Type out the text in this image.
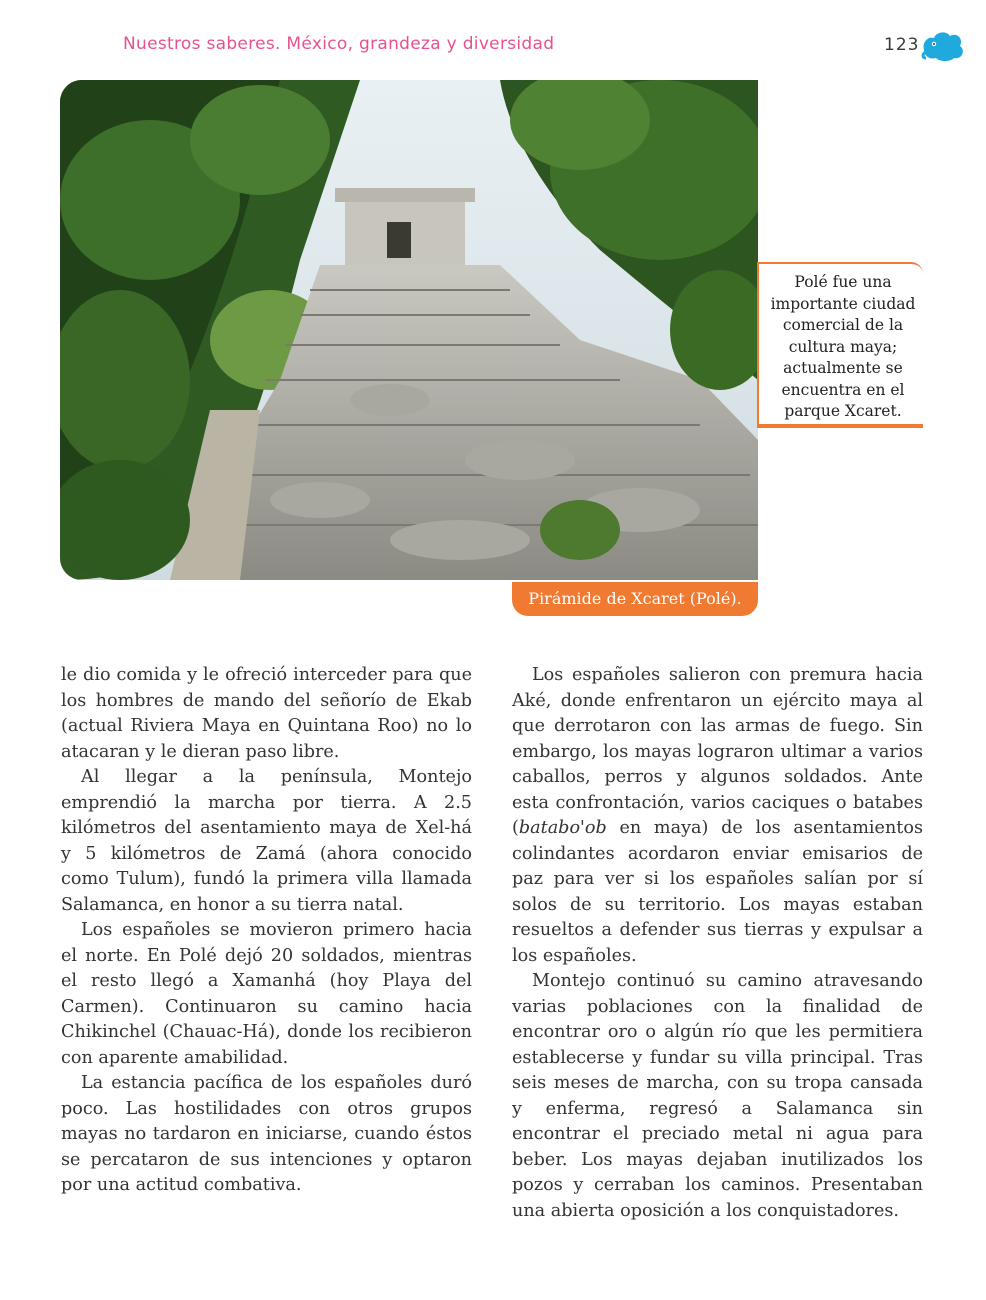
Nuestros saberes. México, grandeza y diversidad	123
Polé fue una importante ciudad comercial de la cultura maya; actualmente se encuentra en el parque Xcaret.
Pirámide de Xcaret (Polé).

le dio comida y le ofreció interceder para que los hombres de mando del señorío de Ekab (actual Riviera Maya en Quintana Roo) no lo atacaran y le dieran paso libre.

Al llegar a la península, Montejo emprendió la marcha por tierra. A 2.5 kilómetros del asentamiento maya de Xel-há y 5 kilómetros de Zamá (ahora conocido como Tulum), fundó la primera villa llamada Salamanca, en honor a su tierra natal.

Los españoles se movieron primero hacia el norte. En Polé dejó 20 soldados, mientras el resto llegó a Xamanhá (hoy Playa del Carmen). Continuaron su camino hacia Chikinchel (Chauac-Há), donde los recibieron con aparente amabilidad.

La estancia pacífica de los españoles duró poco. Las hostilidades con otros grupos mayas no tardaron en iniciarse, cuando éstos se percataron de sus intenciones y optaron por una actitud combativa.

Los españoles salieron con premura hacia Aké, donde enfrentaron un ejército maya al que derrotaron con las armas de fuego. Sin embargo, los mayas lograron ultimar a varios caballos, perros y algunos soldados. Ante esta confrontación, varios caciques o batabes (batabo'ob en maya) de los asentamientos colindantes acordaron enviar emisarios de paz para ver si los españoles salían por sí solos de su territorio. Los mayas estaban resueltos a defender sus tierras y expulsar a los españoles.

Montejo continuó su camino atravesando varias poblaciones con la finalidad de encontrar oro o algún río que les permitiera establecerse y fundar su villa principal. Tras seis meses de marcha, con su tropa cansada y enferma, regresó a Salamanca sin encontrar el preciado metal ni agua para beber. Los mayas dejaban inutilizados los pozos y cerraban los caminos. Presentaban una abierta oposición a los conquistadores.
